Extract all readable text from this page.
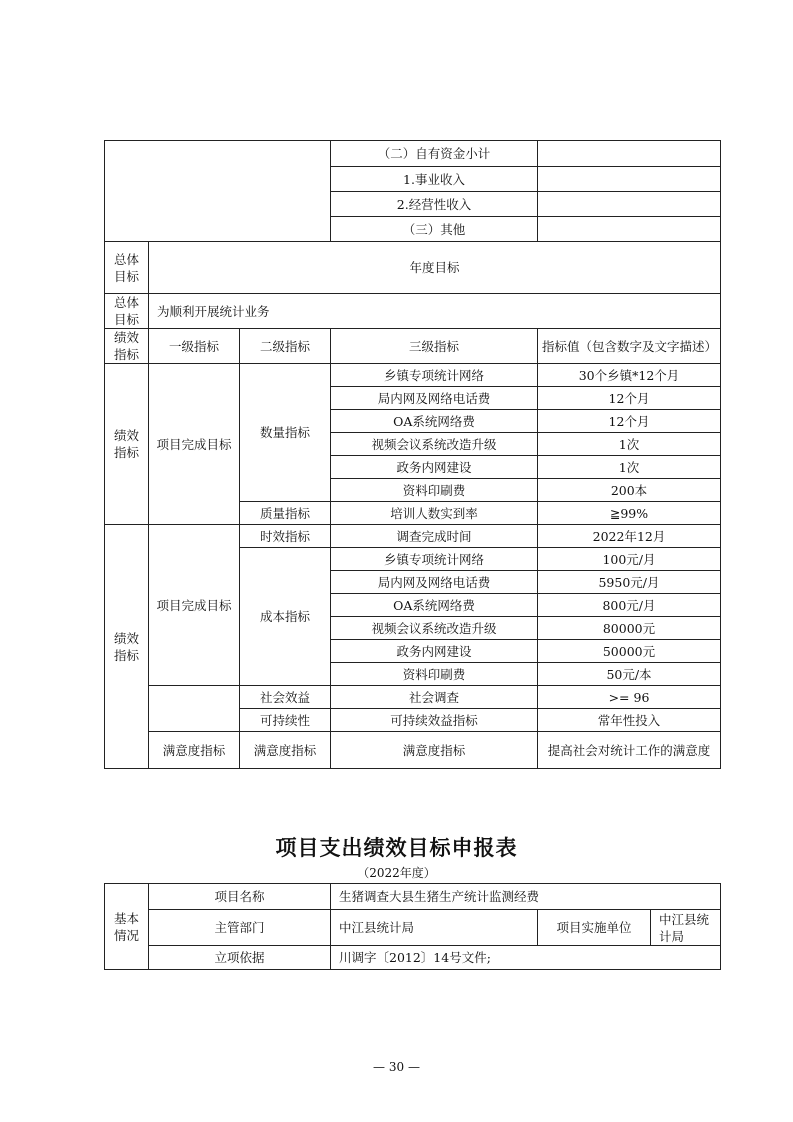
			（二）自有资金小计	
			1.事业收入	
			2.经营性收入	
			（三）其他	
总体目标	年度目标			
总体目标	为顺利开展统计业务			
绩效指标	一级指标	二级指标	三级指标	指标值（包含数字及文字描述）
绩效指标	项目完成目标	数量指标	乡镇专项统计网络	30个乡镇*12个月
			局内网及网络电话费	12个月
			OA系统网络费	12个月
			视频会议系统改造升级	1次
			政务内网建设	1次
			资料印刷费	200本
		质量指标	培训人数实到率	≧99%
绩效指标	项目完成目标	时效指标	调查完成时间	2022年12月
		成本指标	乡镇专项统计网络	100元/月
			局内网及网络电话费	5950元/月
			OA系统网络费	800元/月
			视频会议系统改造升级	80000元
			政务内网建设	50000元
			资料印刷费	50元/本
		社会效益	社会调查	>= 96
		可持续性	可持续效益指标	常年性投入
	满意度指标	满意度指标	满意度指标	提高社会对统计工作的满意度
项目支出绩效目标申报表
（2022年度）
基本情况	项目名称	生猪调查大县生猪生产统计监测经费		
	主管部门	中江县统计局	项目实施单位	中江县统计局
	立项依据	川调字〔2012〕14号文件;		
— 30 —
